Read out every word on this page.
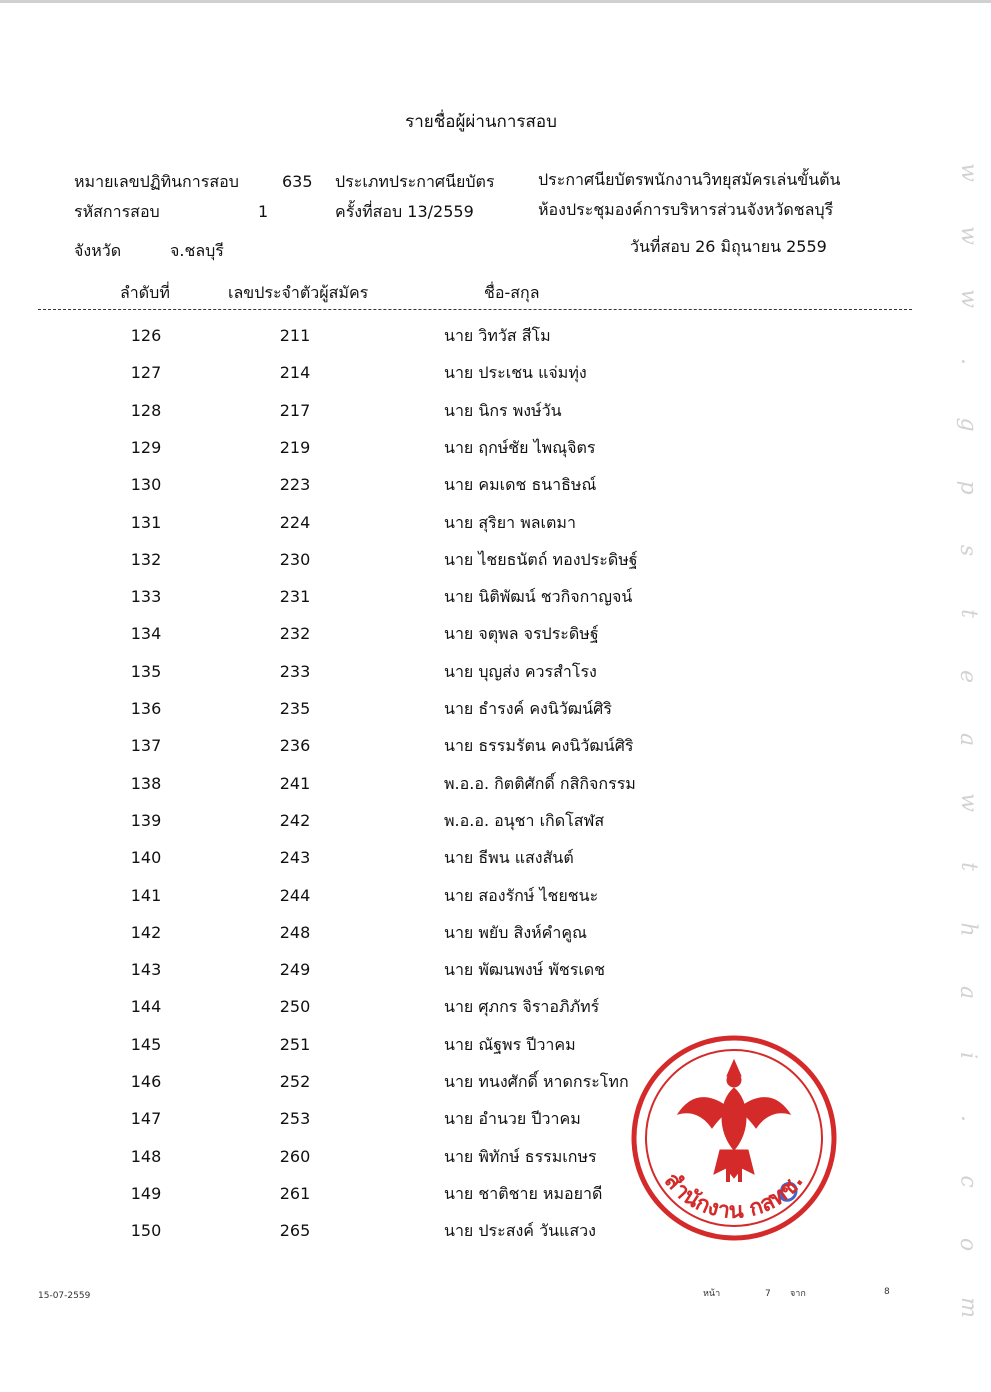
รายชื่อผู้ผ่านการสอบ
หมายเลขปฏิทินการสอบ	635 ประเภทประกาศนียบัตร	ประกาศนียบัตรพนักงานวิทยุสมัครเล่นขั้นต้น
รหัสการสอบ	1	ครั้งที่สอบ 13/2559	ห้องประชุมองค์การบริหารส่วนจังหวัดชลบุรี
จังหวัด	จ.ชลบุรี	วันที่สอบ 26 มิถุนายน 2559
ลำดับที่	เลขประจำตัวผู้สมัคร	ชื่อ-สกุล
126	211	นาย วิทวัส สีโม
127	214	นาย ประเชน แจ่มทุ่ง
128	217	นาย นิกร พงษ์วัน
129	219	นาย ฤกษ์ชัย ไพณุจิตร
130	223	นาย คมเดช ธนาธิษณ์
131	224	นาย สุริยา พลเตมา
132	230	นาย ไชยธนัตถ์ ทองประดิษฐ์
133	231	นาย นิติพัฒน์ ชวกิจกาญจน์
134	232	นาย จตุพล จรประดิษฐ์
135	233	นาย บุญส่ง ควรสำโรง
136	235	นาย ธำรงค์ คงนิวัฒน์ศิริ
137	236	นาย ธรรมรัตน คงนิวัฒน์ศิริ
138	241	พ.อ.อ. กิตติศักดิ์ กสิกิจกรรม
139	242	พ.อ.อ. อนุชา เกิดโสฬส
140	243	นาย ธีพน แสงสันต์
141	244	นาย สองรักษ์ ไชยชนะ
142	248	นาย พยับ สิงห์คำคูณ
143	249	นาย พัฒนพงษ์ พัชรเดช
144	250	นาย ศุภกร จิราอภิภัทร์
145	251	นาย ณัฐพร ปีวาคม
146	252	นาย ทนงศักดิ์ หาดกระโทก
147	253	นาย อำนวย ปีวาคม
148	260	นาย พิทักษ์ ธรรมเกษร
149	261	นาย ชาติชาย หมอยาดี
150	265	นาย ประสงค์ วันแสวง
w
w
w
.
g
p
s
t
e
a
w
t
h
a
i
.
c
o
m
สำนักงาน กสทช.
15-07-2559	หน้า	7 จาก	8
